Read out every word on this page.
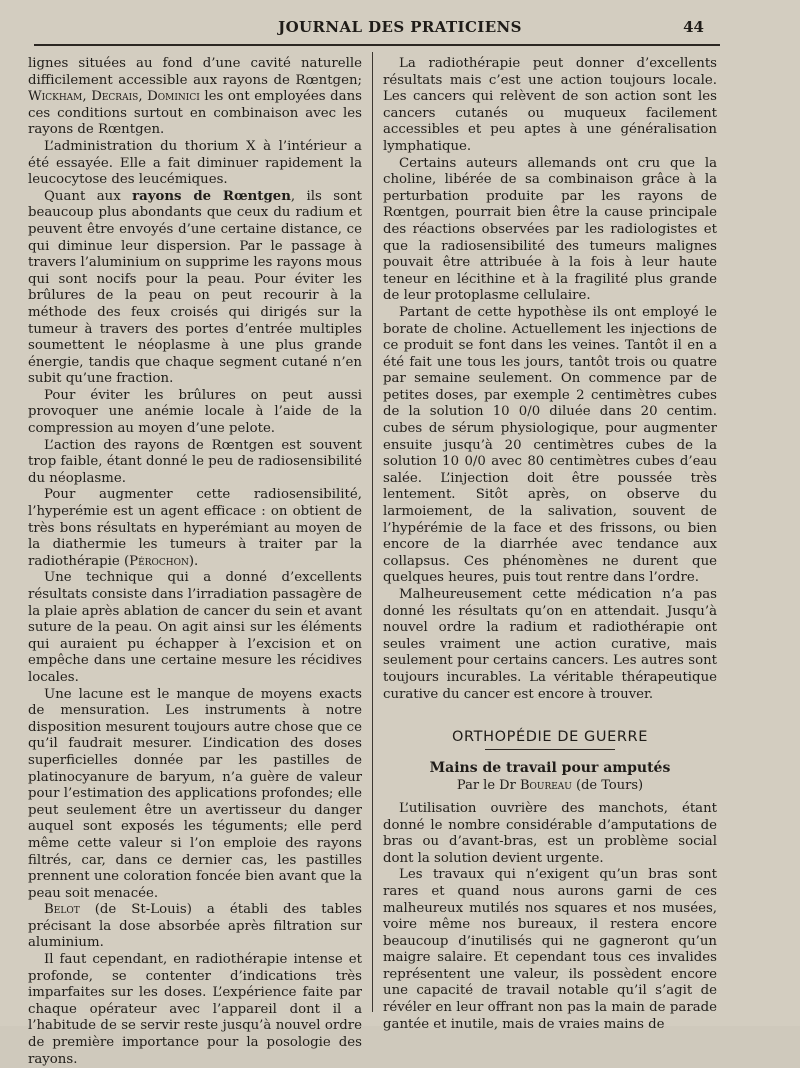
JOURNAL DES PRATICIENS	44

lignes situées au fond d’une cavité naturelle difficilement accessible aux rayons de Rœntgen; Wickham, Decrais, Dominici les ont employées dans ces conditions surtout en combinaison avec les rayons de Rœntgen.

L’administration du thorium X à l’intérieur a été essayée. Elle a fait diminuer rapidement la leucocytose des leucémiques.

Quant aux rayons de Rœntgen, ils sont beaucoup plus abondants que ceux du radium et peuvent être envoyés d’une certaine distance, ce qui diminue leur dispersion. Par le passage à travers l’aluminium on supprime les rayons mous qui sont nocifs pour la peau. Pour éviter les brûlures de la peau on peut recourir à la méthode des feux croisés qui dirigés sur la tumeur à travers des portes d’entrée multiples soumettent le néoplasme à une plus grande énergie, tandis que chaque segment cutané n’en subit qu’une fraction.

Pour éviter les brûlures on peut aussi provoquer une anémie locale à l’aide de la compression au moyen d’une pelote.

L’action des rayons de Rœntgen est souvent trop faible, étant donné le peu de radiosensibilité du néoplasme.

Pour augmenter cette radiosensibilité, l’hyperémie est un agent efficace : on obtient de très bons résultats en hyperémiant au moyen de la diathermie les tumeurs à traiter par la radiothérapie (Pérochon).

Une technique qui a donné d’excellents résultats consiste dans l’irradiation passagère de la plaie après ablation de cancer du sein et avant suture de la peau. On agit ainsi sur les éléments qui auraient pu échapper à l’excision et on empêche dans une certaine mesure les récidives locales.

Une lacune est le manque de moyens exacts de mensuration. Les instruments à notre disposition mesurent toujours autre chose que ce qu’il faudrait mesurer. L’indication des doses superficielles donnée par les pastilles de platinocyanure de baryum, n’a guère de valeur pour l’estimation des applications profondes; elle peut seulement être un avertisseur du danger auquel sont exposés les téguments; elle perd même cette valeur si l’on emploie des rayons filtrés, car, dans ce dernier cas, les pastilles prennent une coloration foncée bien avant que la peau soit menacée.

Belot (de St-Louis) a établi des tables précisant la dose absorbée après filtration sur aluminium.

Il faut cependant, en radiothérapie intense et profonde, se contenter d’indications très imparfaites sur les doses. L’expérience faite par chaque opérateur avec l’appareil dont il a l’habitude de se servir reste jusqu’à nouvel ordre de première importance pour la posologie des rayons.

La radiothérapie peut donner d’excellents résultats mais c’est une action toujours locale. Les cancers qui relèvent de son action sont les cancers cutanés ou muqueux facilement accessibles et peu aptes à une généralisation lymphatique.

Certains auteurs allemands ont cru que la choline, libérée de sa combinaison grâce à la perturbation produite par les rayons de Rœntgen, pourrait bien être la cause principale des réactions observées par les radiologistes et que la radiosensibilité des tumeurs malignes pouvait être attribuée à la fois à leur haute teneur en lécithine et à la fragilité plus grande de leur protoplasme cellulaire.

Partant de cette hypothèse ils ont employé le borate de choline. Actuellement les injections de ce produit se font dans les veines. Tantôt il en a été fait une tous les jours, tantôt trois ou quatre par semaine seulement. On commence par de petites doses, par exemple 2 centimètres cubes de la solution 10 0/0 diluée dans 20 centim. cubes de sérum physiologique, pour augmenter ensuite jusqu’à 20 centimètres cubes de la solution 10 0/0 avec 80 centimètres cubes d’eau salée. L’injection doit être poussée très lentement. Sitôt après, on observe du larmoiement, de la salivation, souvent de l’hypérémie de la face et des frissons, ou bien encore de la diarrhée avec tendance aux collapsus. Ces phénomènes ne durent que quelques heures, puis tout rentre dans l’ordre.

Malheureusement cette médication n’a pas donné les résultats qu’on en attendait. Jusqu’à nouvel ordre la radium et radiothérapie ont seules vraiment une action curative, mais seulement pour certains cancers. Les autres sont toujours incurables. La véritable thérapeutique curative du cancer est encore à trouver.

ORTHOPÉDIE DE GUERRE
Mains de travail pour amputés
Par le Dr Boureau (de Tours)

L’utilisation ouvrière des manchots, étant donné le nombre considérable d’amputations de bras ou d’avant-bras, est un problème social dont la solution devient urgente.

Les travaux qui n’exigent qu’un bras sont rares et quand nous aurons garni de ces malheureux mutilés nos squares et nos musées, voire même nos bureaux, il restera encore beaucoup d’inutilisés qui ne gagneront qu’un maigre salaire. Et cependant tous ces invalides représentent une valeur, ils possèdent encore une capacité de travail notable qu’il s’agit de révéler en leur offrant non pas la main de parade gantée et inutile, mais de vraies mains de
